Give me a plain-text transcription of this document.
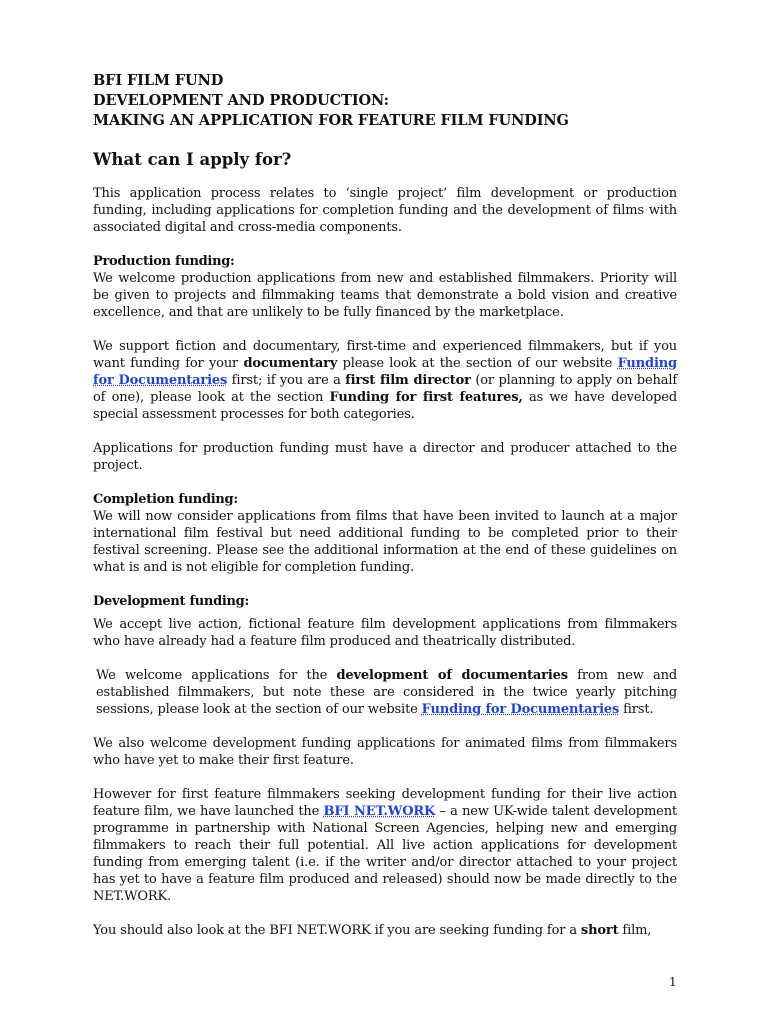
BFI FILM FUND
DEVELOPMENT AND PRODUCTION:
MAKING AN APPLICATION FOR FEATURE FILM FUNDING
What can I apply for?

This application process relates to ‘single project’ film development or production funding, including applications for completion funding and the development of films with associated digital and cross-media components.

Production funding:

We welcome production applications from new and established filmmakers. Priority will be given to projects and filmmaking teams that demonstrate a bold vision and creative excellence, and that are unlikely to be fully financed by the marketplace.

We support fiction and documentary, first-time and experienced filmmakers, but if you want funding for your documentary please look at the section of our website Funding for Documentaries first; if you are a first film director (or planning to apply on behalf of one), please look at the section Funding for first features, as we have developed special assessment processes for both categories.

Applications for production funding must have a director and producer attached to the project.

Completion funding:

We will now consider applications from films that have been invited to launch at a major international film festival but need additional funding to be completed prior to their festival screening. Please see the additional information at the end of these guidelines on what is and is not eligible for completion funding.

Development funding:

We accept live action, fictional feature film development applications from filmmakers who have already had a feature film produced and theatrically distributed.

We welcome applications for the development of documentaries from new and established filmmakers, but note these are considered in the twice yearly pitching sessions, please look at the section of our website Funding for Documentaries first.

We also welcome development funding applications for animated films from filmmakers who have yet to make their first feature.

However for first feature filmmakers seeking development funding for their live action feature film, we have launched the BFI NET.WORK – a new UK-wide talent development programme in partnership with National Screen Agencies, helping new and emerging filmmakers to reach their full potential. All live action applications for development funding from emerging talent (i.e. if the writer and/or director attached to your project has yet to have a feature film produced and released) should now be made directly to the NET.WORK.

You should also look at the BFI NET.WORK if you are seeking funding for a short film,

1
